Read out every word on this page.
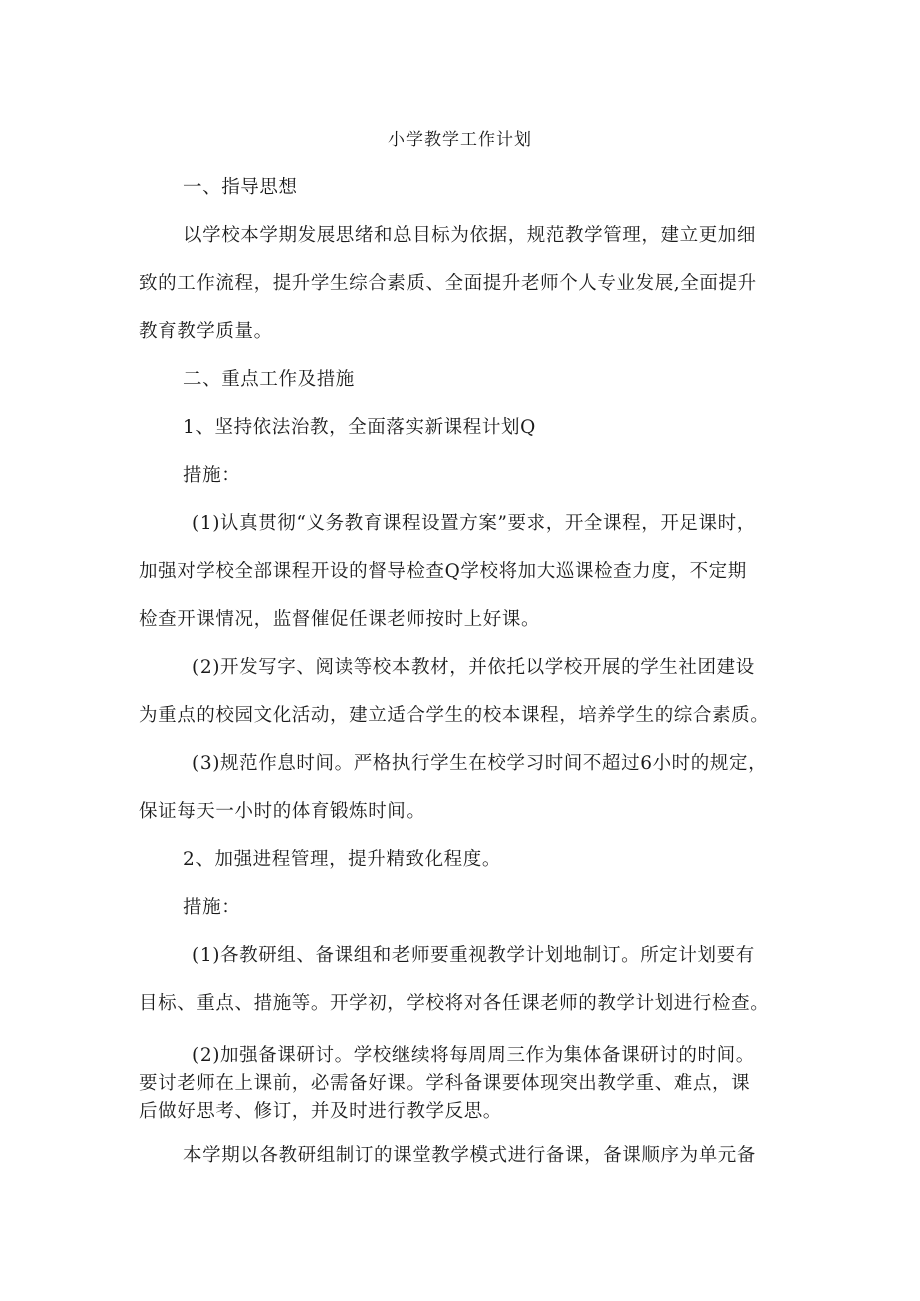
小学教学工作计划
一、指导思想
以学校本学期发展思绪和总目标为依据，规范教学管理，建立更加细
致的工作流程，提升学生综合素质、全面提升老师个人专业发展,全面提升
教育教学质量。
二、重点工作及措施
1、坚持依法治教，全面落实新课程计划Q
措施：
(1)认真贯彻“义务教育课程设置方案”要求，开全课程，开足课时，
加强对学校全部课程开设的督导检查Q学校将加大巡课检查力度，不定期
检查开课情况，监督催促任课老师按时上好课。
(2)开发写字、阅读等校本教材，并依托以学校开展的学生社团建设
为重点的校园文化活动，建立适合学生的校本课程，培养学生的综合素质。
(3)规范作息时间。严格执行学生在校学习时间不超过6小时的规定，
保证每天一小时的体育锻炼时间。
2、加强进程管理，提升精致化程度。
措施：
(1)各教研组、备课组和老师要重视教学计划地制订。所定计划要有
目标、重点、措施等。开学初，学校将对各任课老师的教学计划进行检查。
(2)加强备课研讨。学校继续将每周周三作为集体备课研讨的时间。
要讨老师在上课前，必需备好课。学科备课要体现突出教学重、难点，课
后做好思考、修订，并及时进行教学反思。
本学期以各教研组制订的课堂教学模式进行备课，备课顺序为单元备
